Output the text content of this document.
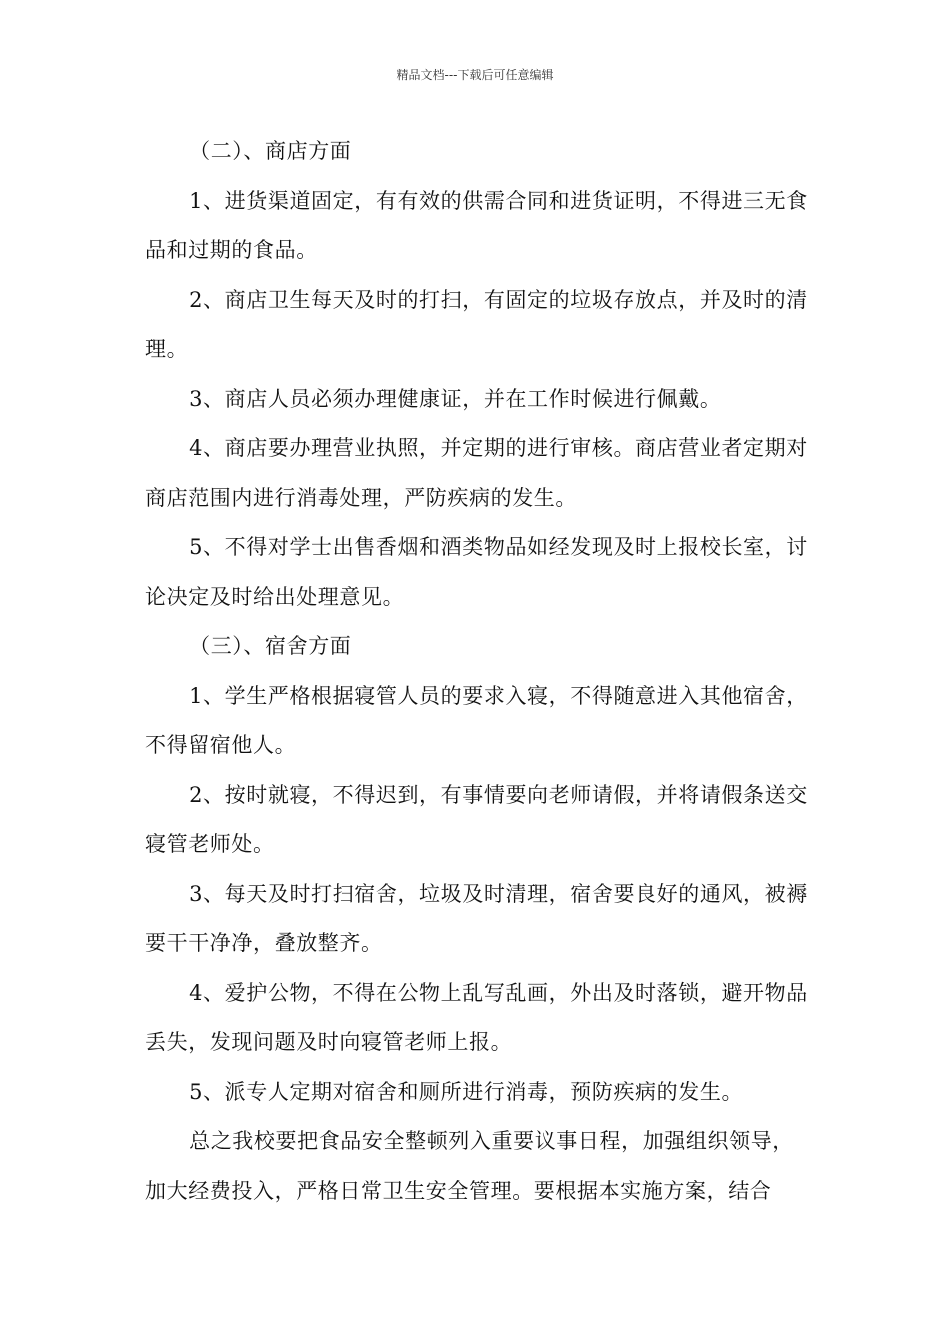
精品文档---下载后可任意编辑

（二）、商店方面

1、进货渠道固定，有有效的供需合同和进货证明，不得进三无食品和过期的食品。

2、商店卫生每天及时的打扫，有固定的垃圾存放点，并及时的清理。

3、商店人员必须办理健康证，并在工作时候进行佩戴。

4、商店要办理营业执照，并定期的进行审核。商店营业者定期对商店范围内进行消毒处理，严防疾病的发生。

5、不得对学士出售香烟和酒类物品如经发现及时上报校长室，讨论决定及时给出处理意见。

（三）、宿舍方面

1、学生严格根据寝管人员的要求入寝，不得随意进入其他宿舍，不得留宿他人。

2、按时就寝，不得迟到，有事情要向老师请假，并将请假条送交寝管老师处。

3、每天及时打扫宿舍，垃圾及时清理，宿舍要良好的通风，被褥要干干净净，叠放整齐。

4、爱护公物，不得在公物上乱写乱画，外出及时落锁，避开物品丢失，发现问题及时向寝管老师上报。

5、派专人定期对宿舍和厕所进行消毒，预防疾病的发生。

总之我校要把食品安全整顿列入重要议事日程，加强组织领导，加大经费投入，严格日常卫生安全管理。要根据本实施方案，结合
